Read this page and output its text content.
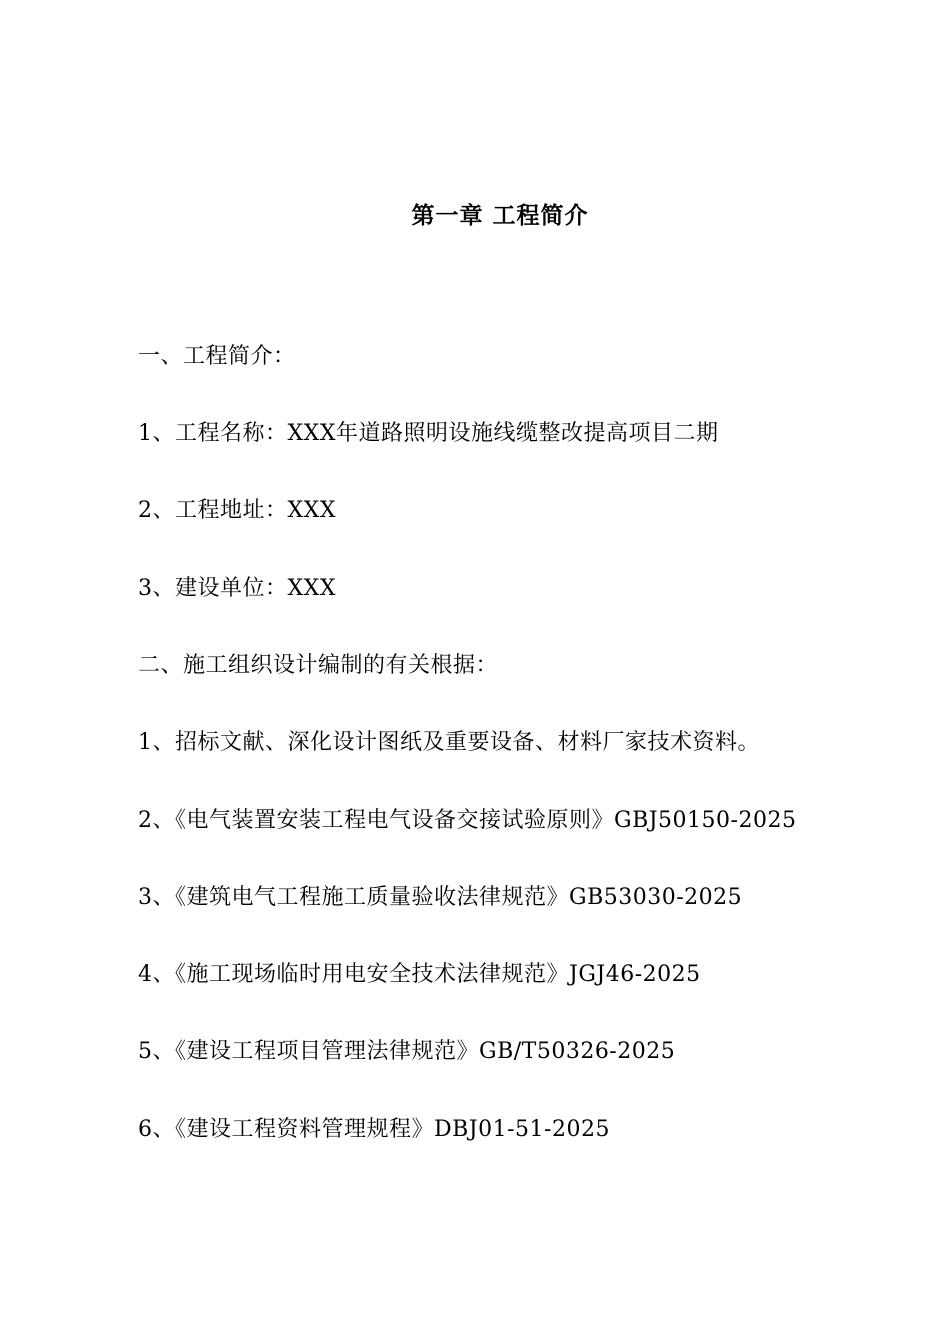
第一章 工程简介
一、工程简介：
1、工程名称：XXX年道路照明设施线缆整改提高项目二期
2、工程地址：XXX
3、建设单位：XXX
二、施工组织设计编制的有关根据：
1、招标文献、深化设计图纸及重要设备、材料厂家技术资料。
2、《电气装置安装工程电气设备交接试验原则》GBJ50150-2025
3、《建筑电气工程施工质量验收法律规范》GB53030-2025
4、《施工现场临时用电安全技术法律规范》JGJ46-2025
5、《建设工程项目管理法律规范》GB/T50326-2025
6、《建设工程资料管理规程》DBJ01-51-2025
